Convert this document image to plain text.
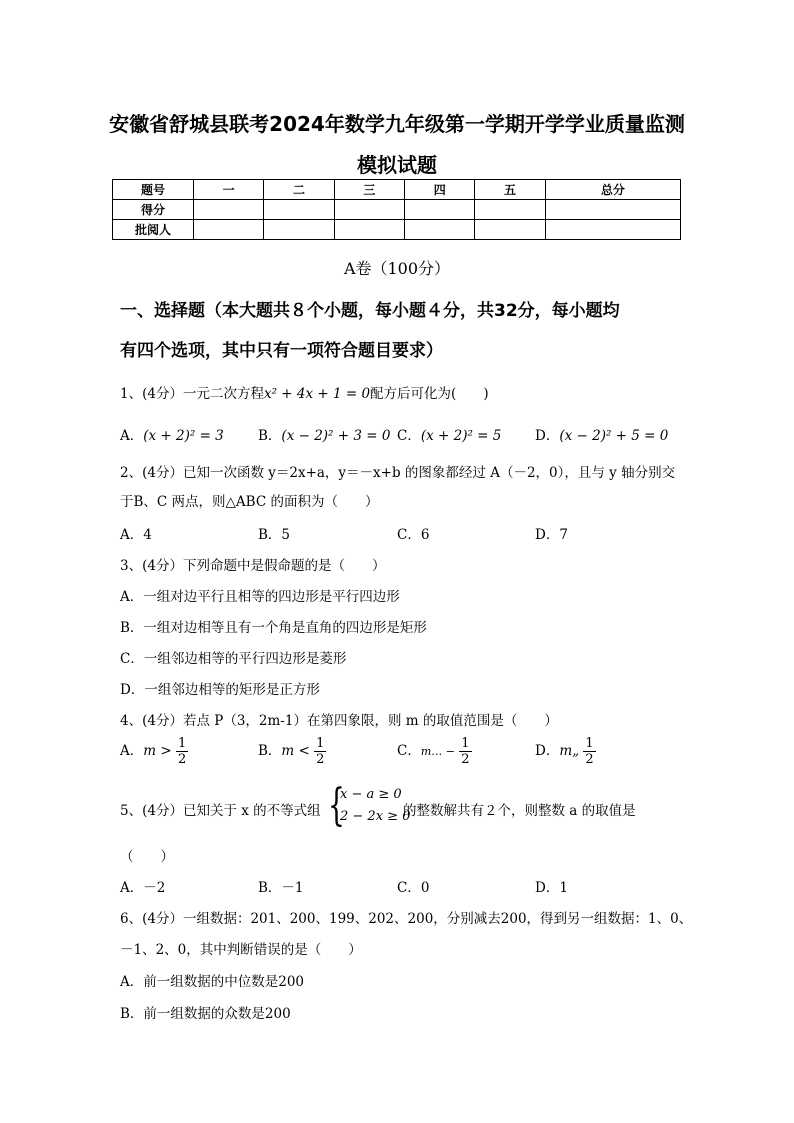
安徽省舒城县联考2024年数学九年级第一学期开学学业质量监测
模拟试题
题号	一	二	三	四	五	总分
得分						
批阅人						
A卷（100分）
一、选择题（本大题共８个小题，每小题４分，共32分，每小题均
有四个选项，其中只有一项符合题目要求）
1、(4分）一元二次方程x² + 4x + 1 = 0配方后可化为(　　)
A．(x + 2)² = 3	B．(x − 2)² + 3 = 0 C．(x + 2)² = 5 D．(x − 2)² + 5 = 0
2、(4分）已知一次函数 y＝2x+a，y＝－x+b 的图象都经过 A（－2，0），且与 y 轴分别交
于B、C 两点，则△ABC 的面积为（　　）
A．4	B．5	C．6	D．7
3、(4分）下列命题中是假命题的是（　　）
A．一组对边平行且相等的四边形是平行四边形
B．一组对边相等且有一个角是直角的四边形是矩形
C．一组邻边相等的平行四边形是菱形
D．一组邻边相等的矩形是正方形
4、(4分）若点 P（3，2m-1）在第四象限，则 m 的取值范围是（　　）
A．$m > \frac{1}{2}$	B．$m < \frac{1}{2}$	C．m… − $\frac{1}{2}$	D．m„ $\frac{1}{2}$
5、(4分）已知关于 x 的不等式组 {
x − a ≥ 0
2 − 2x ≥ 0
的整数解共有２个，则整数 a 的取值是
（　　）
A．－2	B．－1	C．0	D．1
6、(4分）一组数据：201、200、199、202、200，分别减去200，得到另一组数据：1、0、
－1、2、0，其中判断错误的是（　　）
A．前一组数据的中位数是200
B．前一组数据的众数是200
